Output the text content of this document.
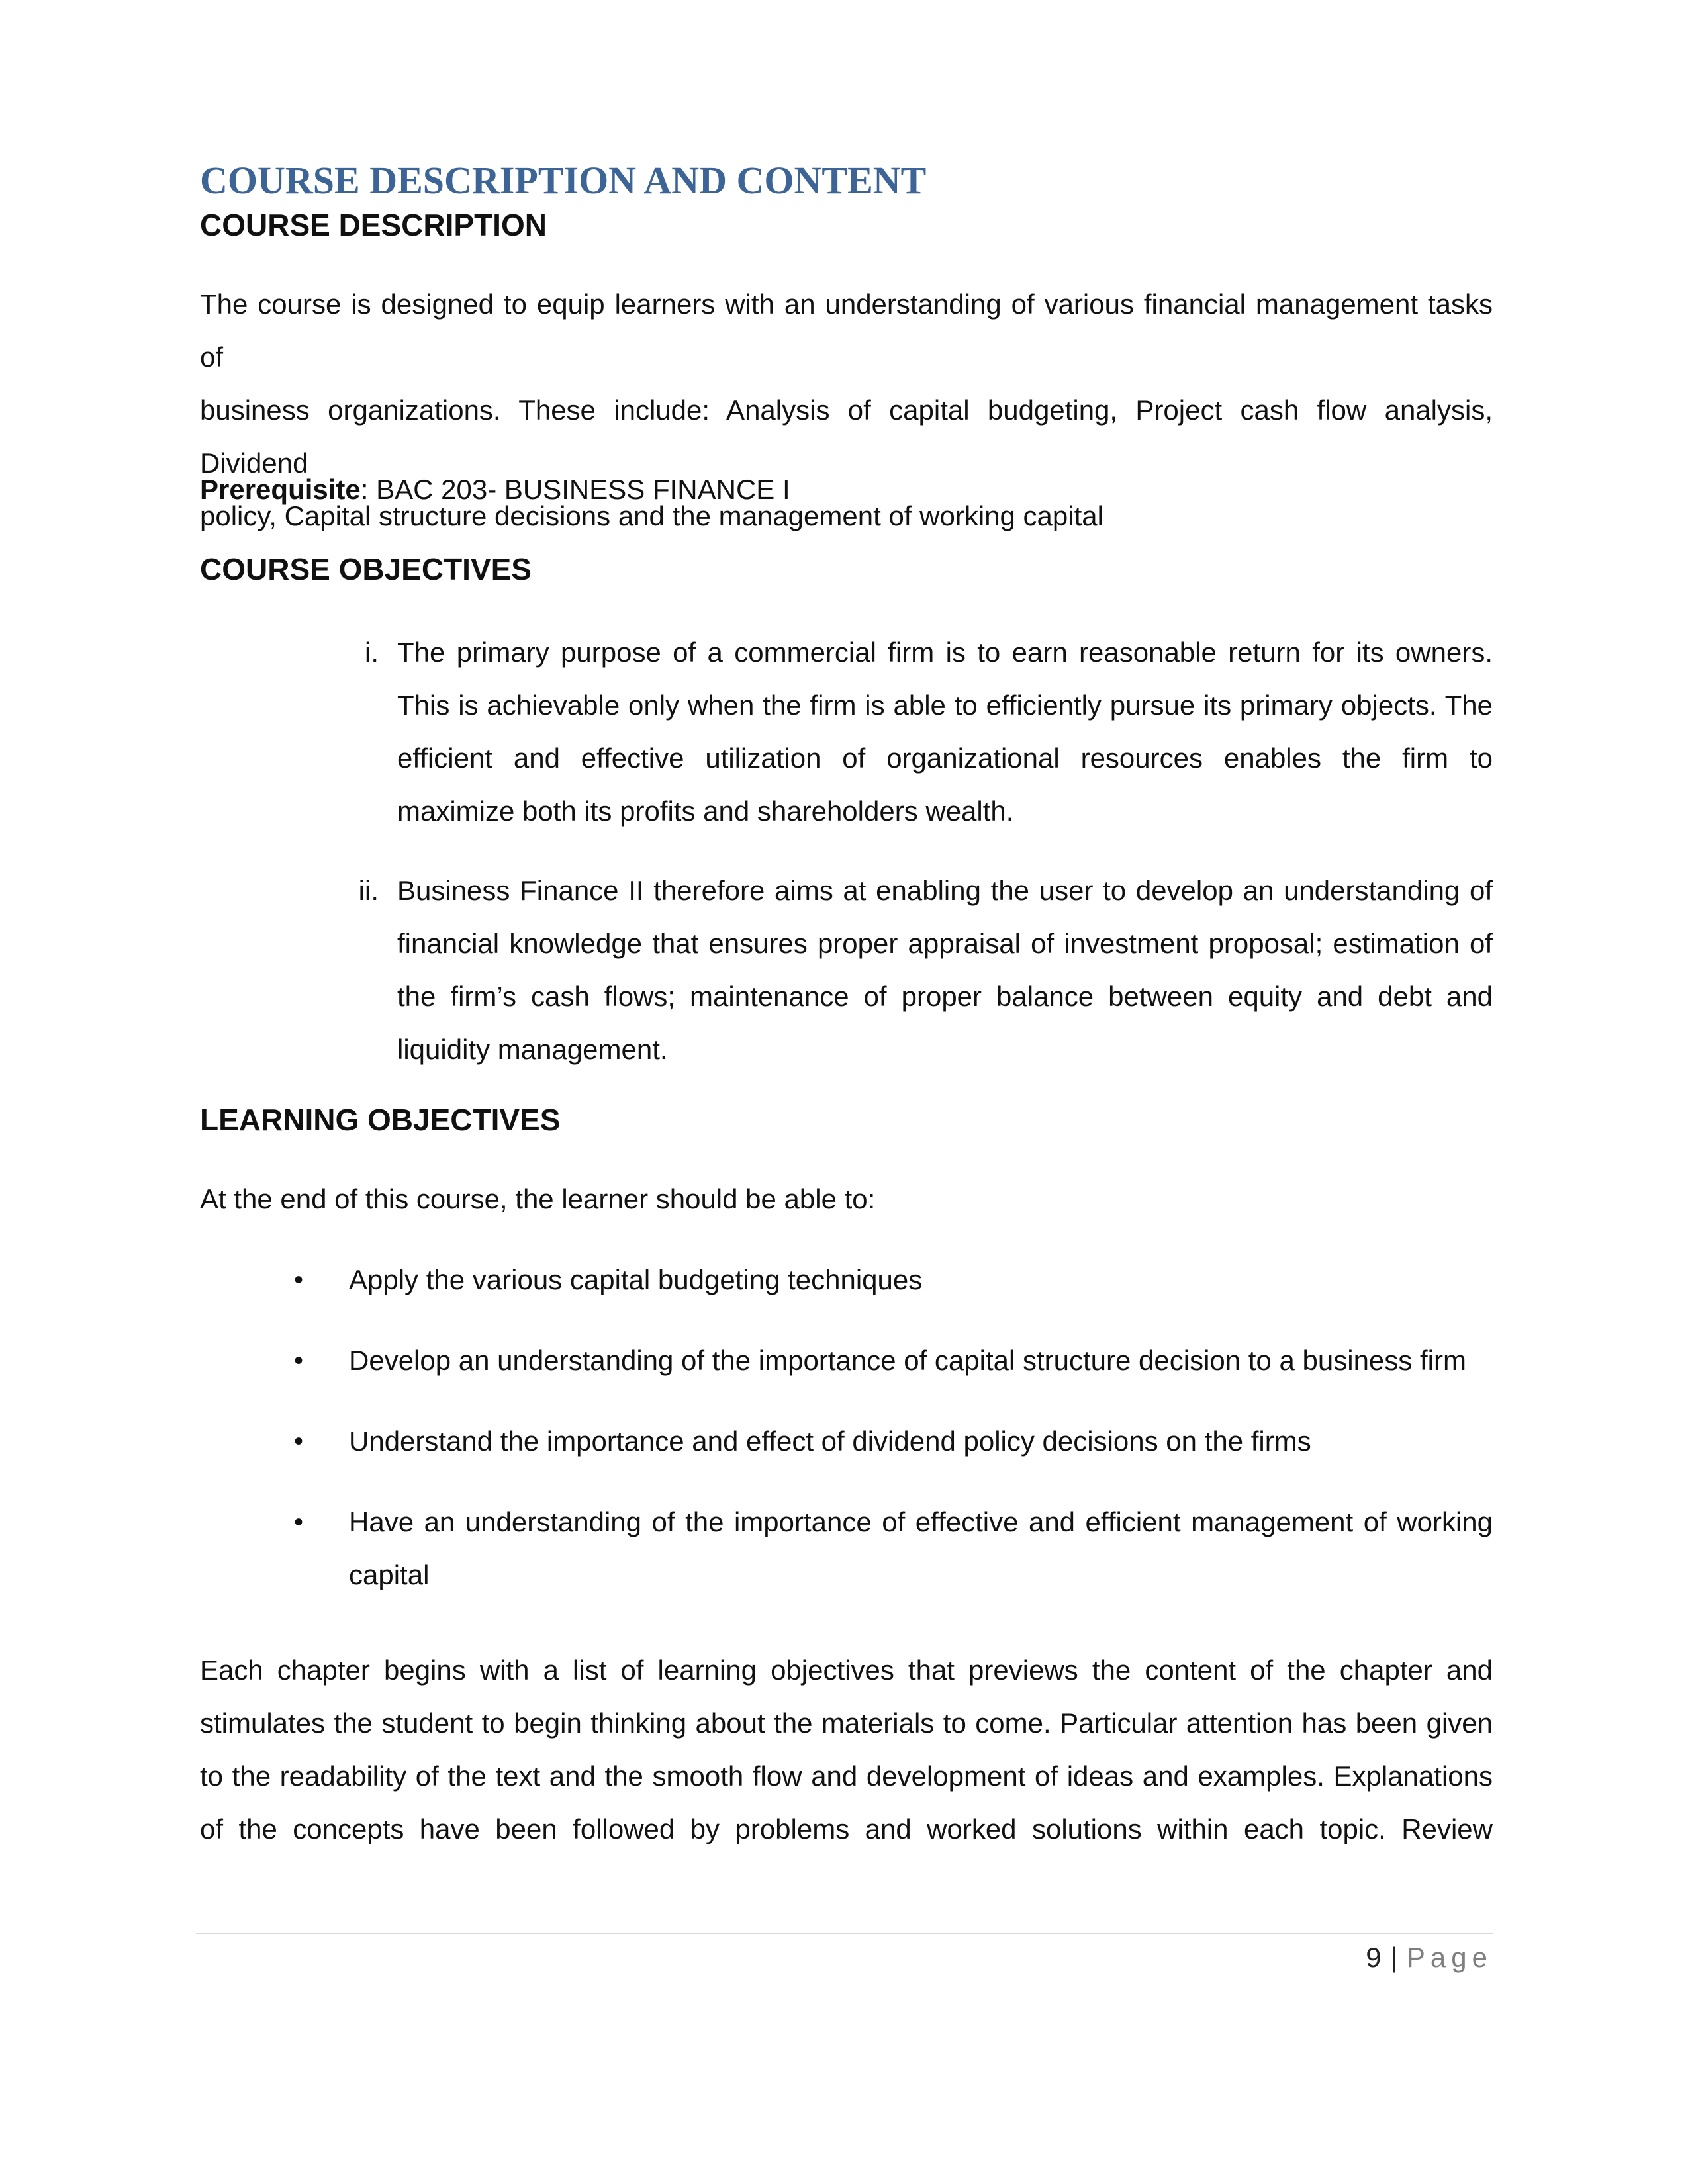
COURSE DESCRIPTION AND CONTENT
COURSE DESCRIPTION
The course is designed to equip learners with an understanding of various financial management tasks of
business organizations. These include: Analysis of capital budgeting, Project cash flow analysis, Dividend
policy, Capital structure decisions and the management of working capital

Prerequisite: BAC 203- BUSINESS FINANCE I

COURSE OBJECTIVES
i. The primary purpose of a commercial firm is to earn reasonable return for its owners.
This is achievable only when the firm is able to efficiently pursue its primary objects. The
efficient and effective utilization of organizational resources enables the firm to
maximize both its profits and shareholders wealth.
ii. Business Finance II therefore aims at enabling the user to develop an understanding of
financial knowledge that ensures proper appraisal of investment proposal; estimation of
the firm’s cash flows; maintenance of proper balance between equity and debt and
liquidity management.
LEARNING OBJECTIVES

At the end of this course, the learner should be able to:

• Apply the various capital budgeting techniques
• Develop an understanding of the importance of capital structure decision to a business firm
• Understand the importance and effect of dividend policy decisions on the firms
• Have an understanding of the importance of effective and efficient management of working
capital
Each chapter begins with a list of learning objectives that previews the content of the chapter and
stimulates the student to begin thinking about the materials to come. Particular attention has been given
to the readability of the text and the smooth flow and development of ideas and examples. Explanations
of the concepts have been followed by problems and worked solutions within each topic. Review
9 | Page
